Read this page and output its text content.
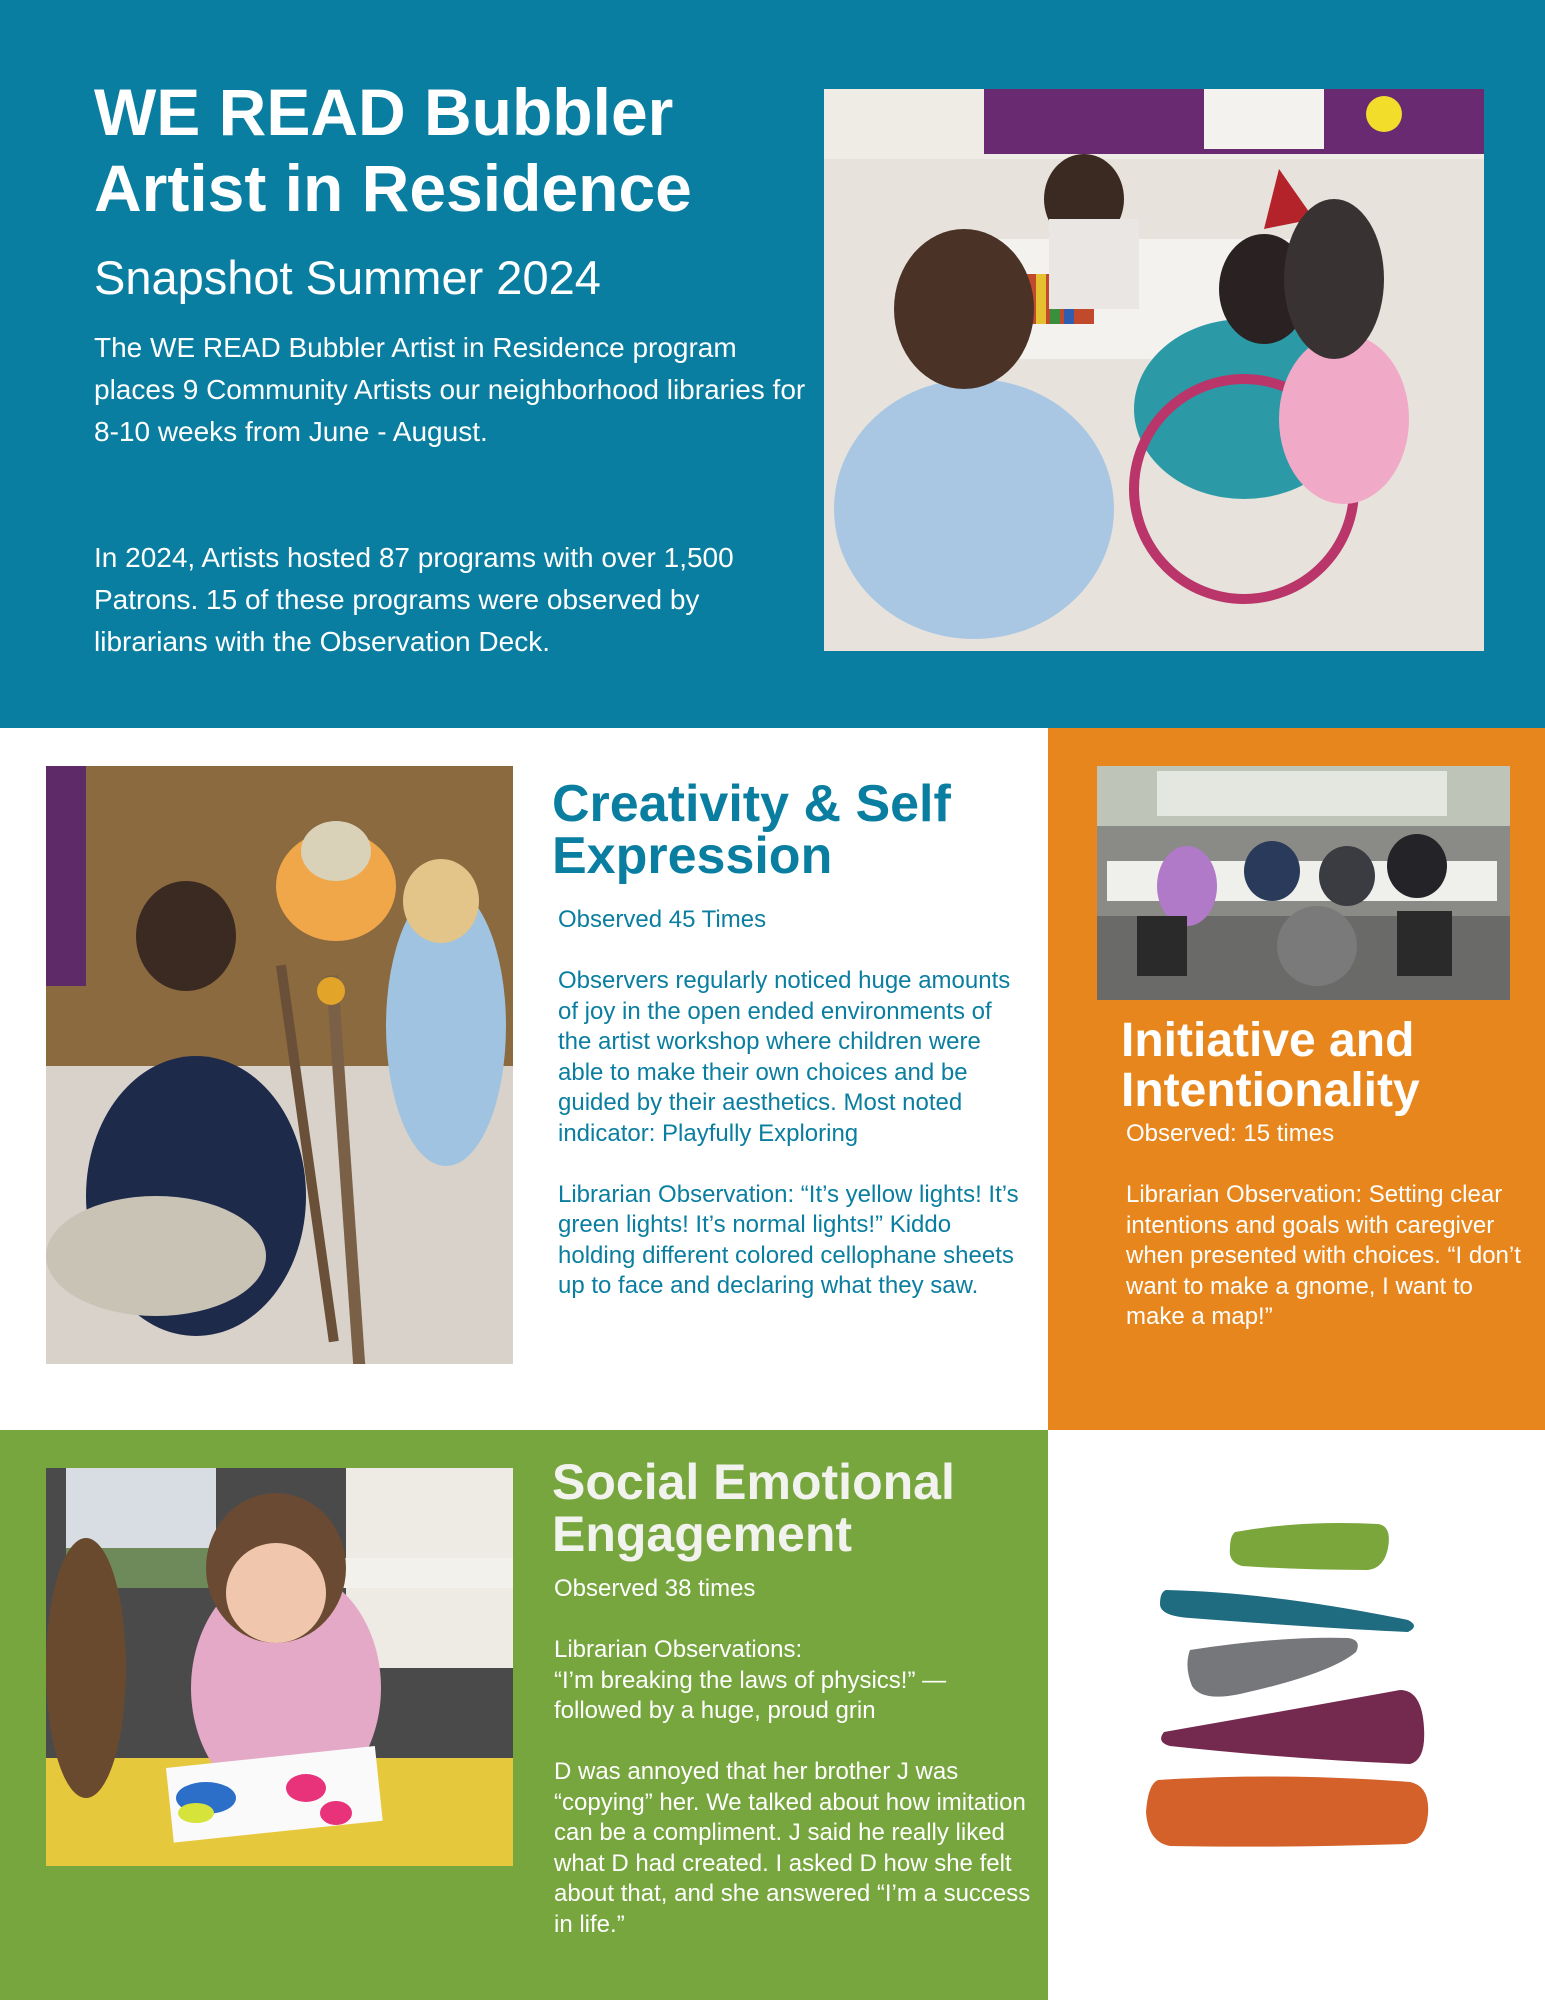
WE READ Bubbler Artist in Residence
Snapshot Summer 2024

The WE READ Bubbler Artist in Residence program places 9 Community Artists our neighborhood libraries for 8-10 weeks from June - August.

In 2024, Artists hosted 87 programs with over 1,500 Patrons. 15 of these programs were observed by librarians with the Observation Deck.

Creativity & Self Expression

Observed 45 Times

Observers regularly noticed huge amounts of joy in the open ended environments of the artist workshop where children were able to make their own choices and be guided by their aesthetics. Most noted indicator: Playfully Exploring

Librarian Observation: “It’s yellow lights! It’s green lights! It’s normal lights!” Kiddo holding different colored cellophane sheets up to face and declaring what they saw.

Initiative and Intentionality

Observed: 15 times

Librarian Observation: Setting clear intentions and goals with caregiver when presented with choices. “I don’t want to make a gnome, I want to make a map!”

Social Emotional Engagement

Observed 38 times

Librarian Observations:
“I’m breaking the laws of physics!” — followed by a huge, proud grin

D was annoyed that her brother J was “copying” her. We talked about how imitation can be a compliment. J said he really liked what D had created. I asked D how she felt about that, and she answered “I’m a success in life.”
